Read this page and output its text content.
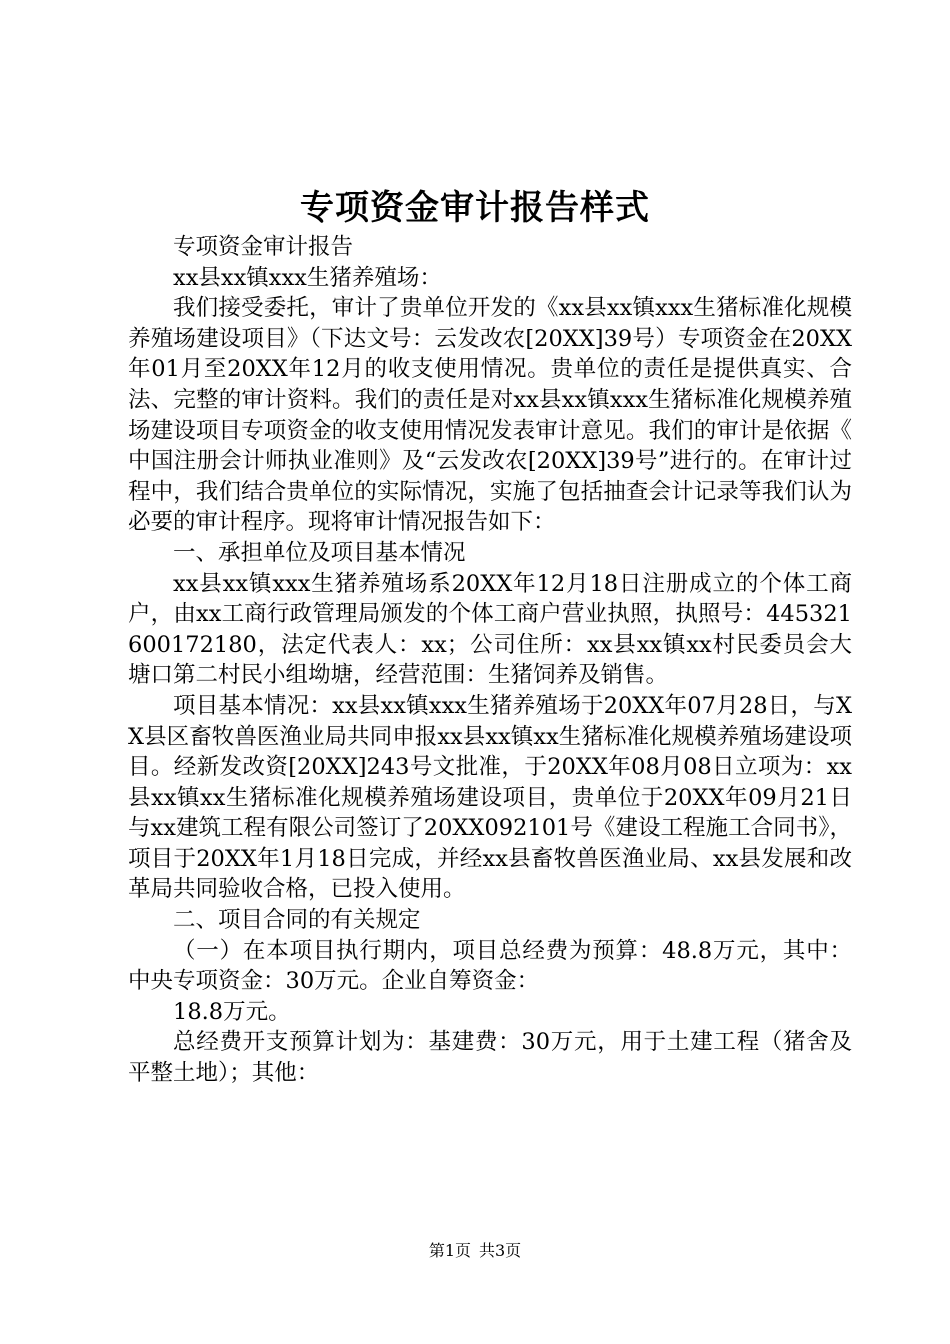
专项资金审计报告样式

专项资金审计报告

xx县xx镇xxx生猪养殖场：

我们接受委托，审计了贵单位开发的《xx县xx镇xxx生猪标准化规模养殖场建设项目》（下达文号：云发改农[20XX]39号）专项资金在20XX年01月至20XX年12月的收支使用情况。贵单位的责任是提供真实、合法、完整的审计资料。我们的责任是对xx县xx镇xxx生猪标准化规模养殖场建设项目专项资金的收支使用情况发表审计意见。我们的审计是依据《中国注册会计师执业准则》及“云发改农[20XX]39号”进行的。在审计过程中，我们结合贵单位的实际情况，实施了包括抽查会计记录等我们认为必要的审计程序。现将审计情况报告如下：

一、承担单位及项目基本情况

xx县xx镇xxx生猪养殖场系20XX年12月18日注册成立的个体工商户，由xx工商行政管理局颁发的个体工商户营业执照，执照号：445321600172180，法定代表人：xx；公司住所：xx县xx镇xx村民委员会大塘口第二村民小组坳塘，经营范围：生猪饲养及销售。

项目基本情况：xx县xx镇xxx生猪养殖场于20XX年07月28日，与XX县区畜牧兽医渔业局共同申报xx县xx镇xx生猪标准化规模养殖场建设项目。经新发改资[20XX]243号文批准，于20XX年08月08日立项为：xx县xx镇xx生猪标准化规模养殖场建设项目，贵单位于20XX年09月21日与xx建筑工程有限公司签订了20XX092101号《建设工程施工合同书》，项目于20XX年1月18日完成，并经xx县畜牧兽医渔业局、xx县发展和改革局共同验收合格，已投入使用。

二、项目合同的有关规定

（一）在本项目执行期内，项目总经费为预算：48.8万元，其中：中央专项资金：30万元。企业自筹资金：

18.8万元。

总经费开支预算计划为：基建费：30万元，用于土建工程（猪舍及平整土地）；其他：

第1页 共3页
